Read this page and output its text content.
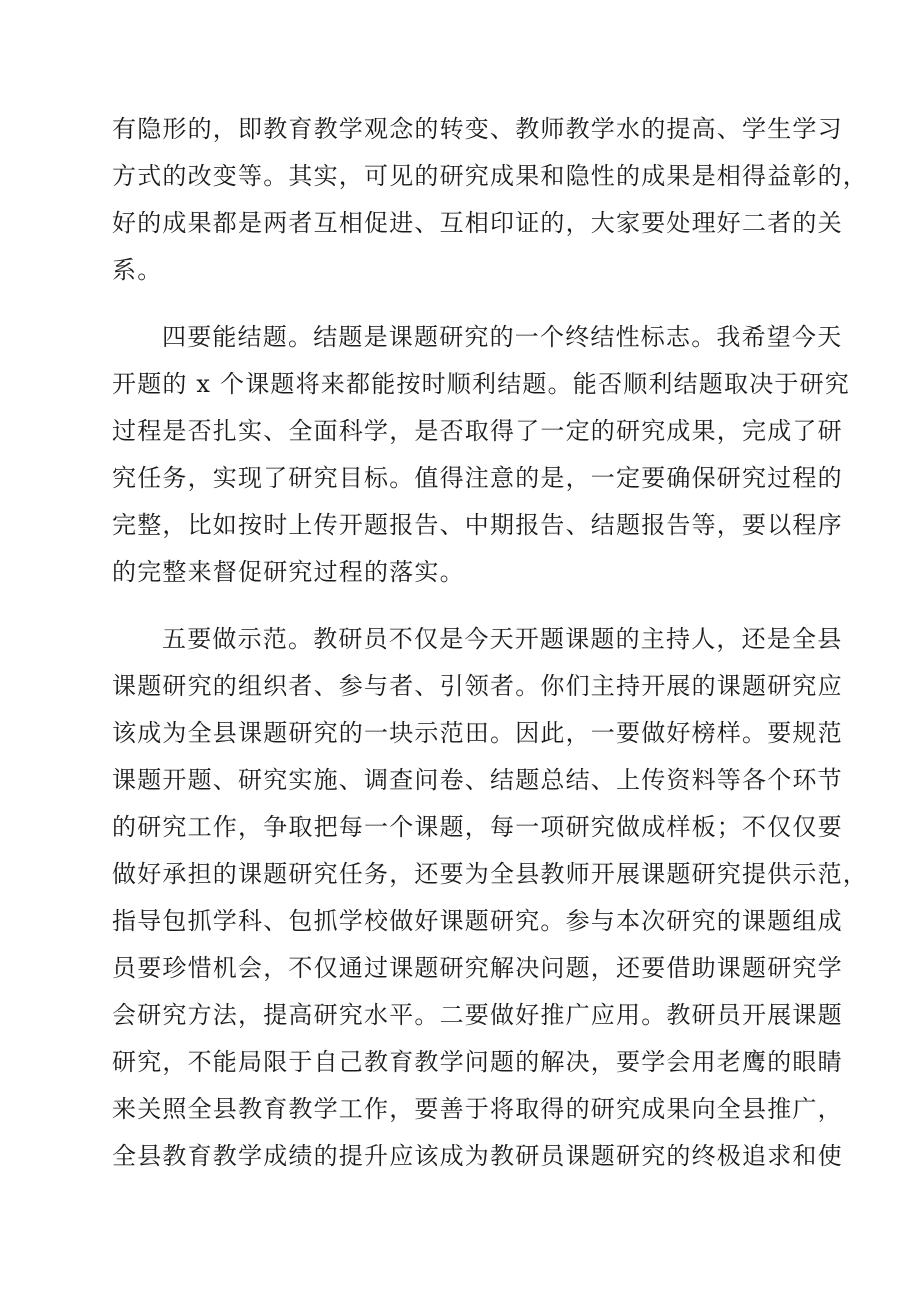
有隐形的，即教育教学观念的转变、教师教学水的提高、学生学习
方式的改变等。其实，可见的研究成果和隐性的成果是相得益彰的，
好的成果都是两者互相促进、互相印证的，大家要处理好二者的关
系。
四要能结题。结题是课题研究的一个终结性标志。我希望今天
开题的 x 个课题将来都能按时顺利结题。能否顺利结题取决于研究
过程是否扎实、全面科学，是否取得了一定的研究成果，完成了研
究任务，实现了研究目标。值得注意的是，一定要确保研究过程的
完整，比如按时上传开题报告、中期报告、结题报告等，要以程序
的完整来督促研究过程的落实。
五要做示范。教研员不仅是今天开题课题的主持人，还是全县
课题研究的组织者、参与者、引领者。你们主持开展的课题研究应
该成为全县课题研究的一块示范田。因此，一要做好榜样。要规范
课题开题、研究实施、调查问卷、结题总结、上传资料等各个环节
的研究工作，争取把每一个课题，每一项研究做成样板；不仅仅要
做好承担的课题研究任务，还要为全县教师开展课题研究提供示范，
指导包抓学科、包抓学校做好课题研究。参与本次研究的课题组成
员要珍惜机会，不仅通过课题研究解决问题，还要借助课题研究学
会研究方法，提高研究水平。二要做好推广应用。教研员开展课题
研究，不能局限于自己教育教学问题的解决，要学会用老鹰的眼睛
来关照全县教育教学工作，要善于将取得的研究成果向全县推广，
全县教育教学成绩的提升应该成为教研员课题研究的终极追求和使
